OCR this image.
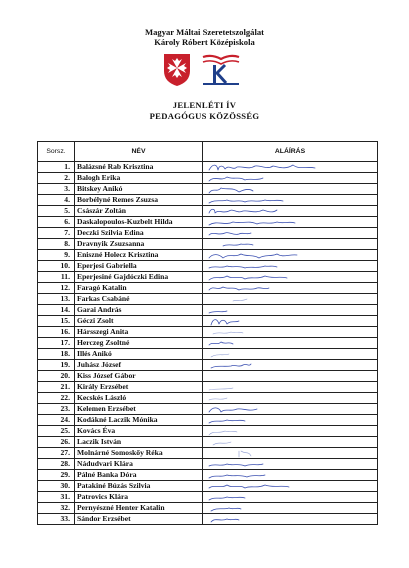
Magyar Máltai Szeretetszolgálat
Károly Róbert Középiskola
JELENLÉTI ÍV
PEDAGÓGUS KÖZÖSSÉG
Sorsz.	NÉV	ALÁÍRÁS
1.	Balázsné Rab Krisztina	

2.	Balogh Erika	

3.	Bitskey Anikó	

4.	Borbélyné Remes Zsuzsa	

5.	Császár Zoltán	

6.	Daskalopoulos-Kuzbelt Hilda	

7.	Deczki Szilvia Edina	

8.	Dravnyik Zsuzsanna	

9.	Eniszné Holecz Krisztina	

10.	Eperjesi Gabriella	

11.	Eperjesiné Gajdóczki Edina	

12.	Faragó Katalin	

13.	Farkas Csabáné	

14.	Garai András	

15.	Géczi Zsolt	

16.	Hársszegi Anita	

17.	Herczeg Zsoltné	

18.	Illés Anikó	

19.	Juhász József	

20.	Kiss József Gábor	
21.	Király Erzsébet	

22.	Kecskés László	

23.	Kelemen Erzsébet	

24.	Kodákné Laczik Mónika	

25.	Kovács Éva	

26.	Laczik István	

27.	Molnárné Somoskőy Réka	

28.	Nádudvari Klára	

29.	Pálné Banka Dóra	

30.	Patakiné Búzás Szilvia	

31.	Patrovics Klára	

32.	Pernyészné Henter Katalin	

33.	Sándor Erzsébet	
